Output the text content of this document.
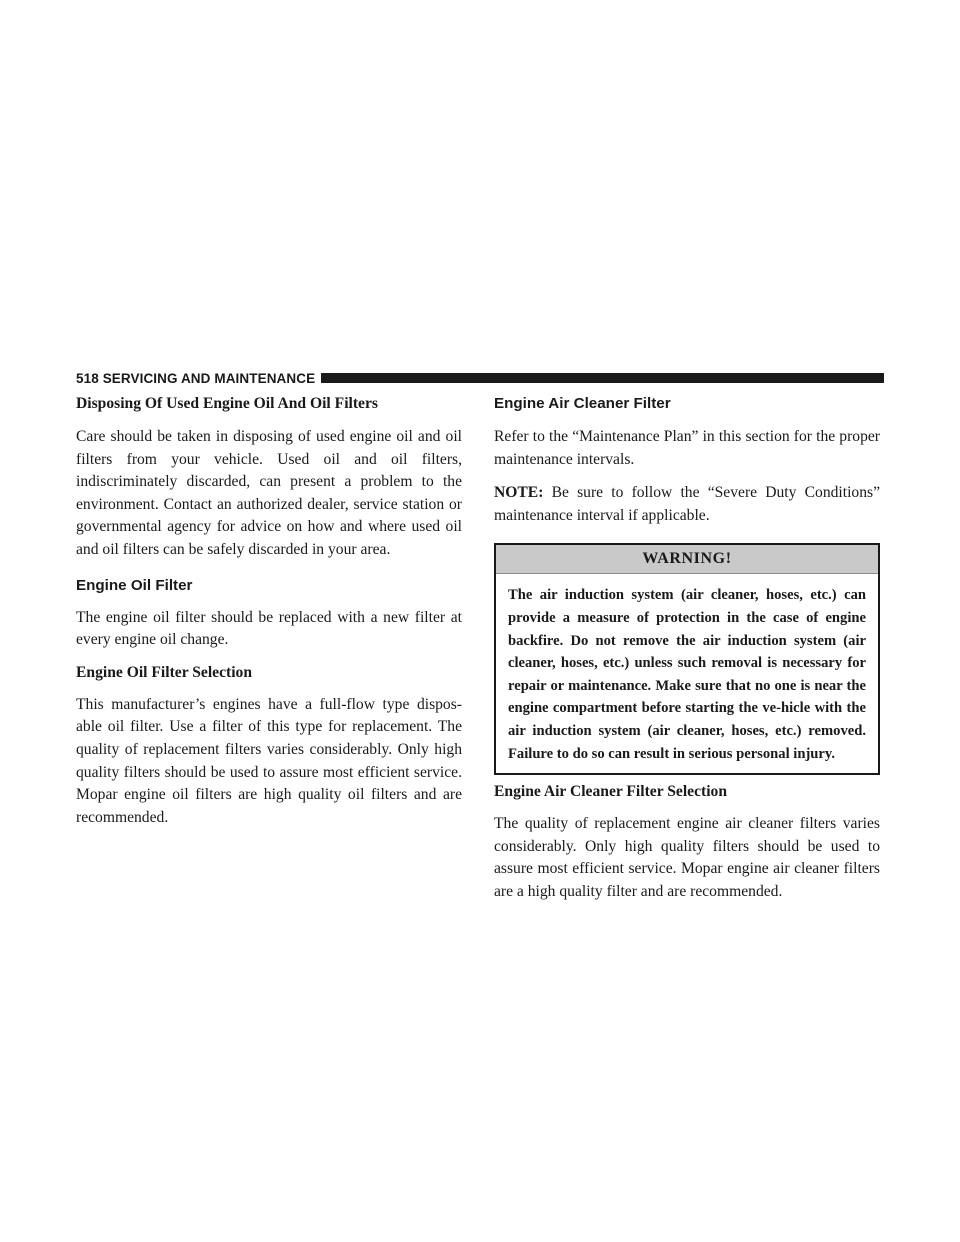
518 SERVICING AND MAINTENANCE

Disposing Of Used Engine Oil And Oil Filters

Care should be taken in disposing of used engine oil and oil filters from your vehicle. Used oil and oil filters, indiscriminately discarded, can present a problem to the environment. Contact an authorized dealer, service station or governmental agency for advice on how and where used oil and oil filters can be safely discarded in your area.

Engine Oil Filter

The engine oil filter should be replaced with a new filter at every engine oil change.

Engine Oil Filter Selection

This manufacturer’s engines have a full-flow type dispos-able oil filter. Use a filter of this type for replacement. The quality of replacement filters varies considerably. Only high quality filters should be used to assure most efficient service. Mopar engine oil filters are high quality oil filters and are recommended.

Engine Air Cleaner Filter

Refer to the “Maintenance Plan” in this section for the proper maintenance intervals.

NOTE: Be sure to follow the “Severe Duty Conditions” maintenance interval if applicable.

WARNING!
The air induction system (air cleaner, hoses, etc.) can provide a measure of protection in the case of engine backfire. Do not remove the air induction system (air cleaner, hoses, etc.) unless such removal is necessary for repair or maintenance. Make sure that no one is near the engine compartment before starting the ve-hicle with the air induction system (air cleaner, hoses, etc.) removed. Failure to do so can result in serious personal injury.

Engine Air Cleaner Filter Selection

The quality of replacement engine air cleaner filters varies considerably. Only high quality filters should be used to assure most efficient service. Mopar engine air cleaner filters are a high quality filter and are recommended.
